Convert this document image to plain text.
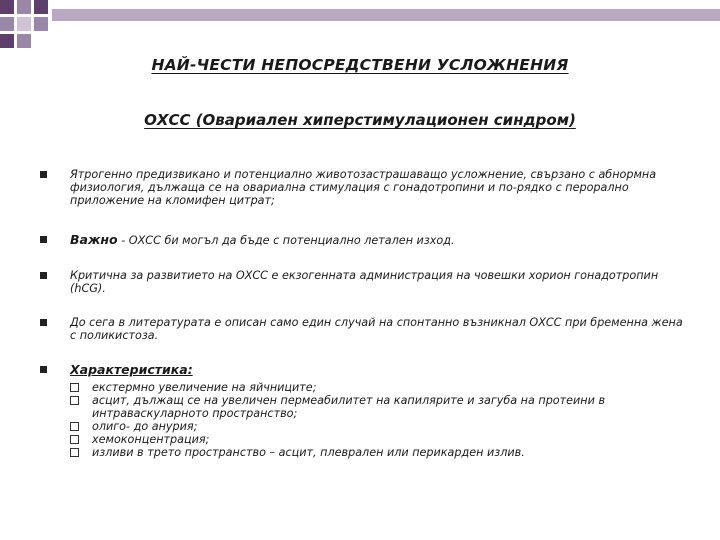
НАЙ-ЧЕСТИ НЕПОСРЕДСТВЕНИ УСЛОЖНЕНИЯ
ОХСС (Овариален хиперстимулационен синдром)
Ятрогенно предизвикано и потенциално животозастрашаващо усложнение, свързано с абнормна физиология, дължаща се на овариална стимулация с гонадотропини и по-рядко с перорално приложение на кломифен цитрат;
Важно - ОХСС би могъл да бъде с потенциално летален изход.
Критична за развитието на ОХСС е екзогенната администрация на човешки хорион гонадотропин (hCG).
До сега в литературата е описан само един случай на спонтанно възникнал ОХСС при бременна жена с поликистоза.
Характеристика:
екстермно увеличение на яйчниците;
асцит, дължащ се на увеличен пермеабилитет на капилярите и загуба на протеини в интраваскуларното пространство;
олиго- до анурия;
хемоконцентрация;
изливи в трето пространство – асцит, плеврален или перикарден излив.
